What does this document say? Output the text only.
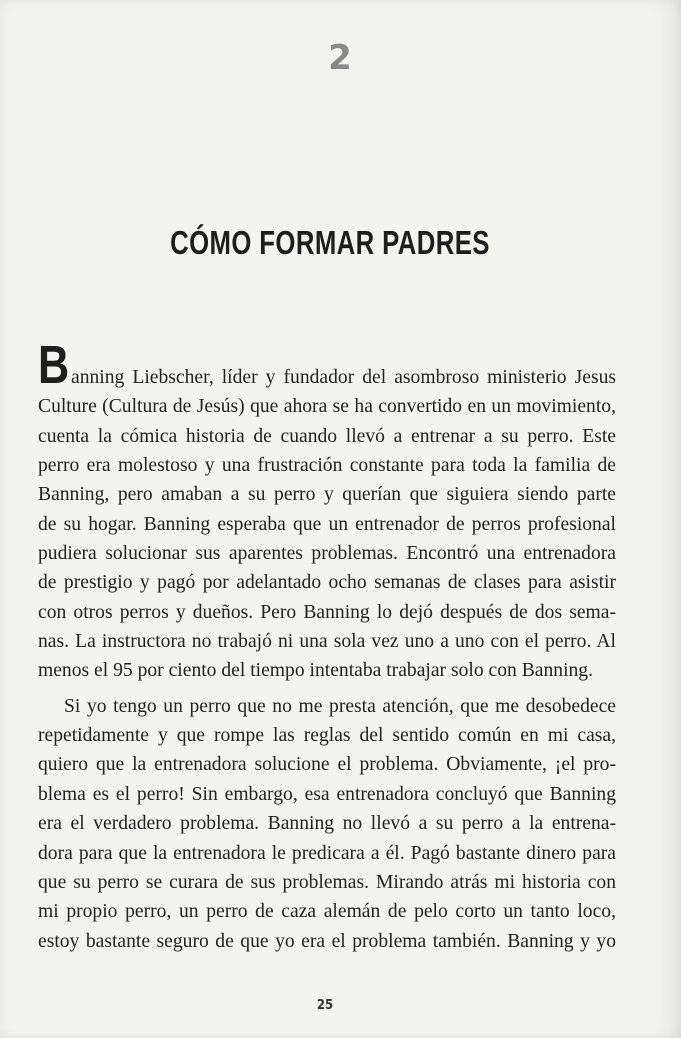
2
CÓMO FORMAR PADRES
Banning Liebscher, líder y fundador del asombroso ministerio Jesus
Culture (Cultura de Jesús) que ahora se ha convertido en un movimiento,
cuenta la cómica historia de cuando llevó a entrenar a su perro. Este
perro era molestoso y una frustración constante para toda la familia de
Banning, pero amaban a su perro y querían que siguiera siendo parte
de su hogar. Banning esperaba que un entrenador de perros profesional
pudiera solucionar sus aparentes problemas. Encontró una entrenadora
de prestigio y pagó por adelantado ocho semanas de clases para asistir
con otros perros y dueños. Pero Banning lo dejó después de dos sema-
nas. La instructora no trabajó ni una sola vez uno a uno con el perro. Al
menos el 95 por ciento del tiempo intentaba trabajar solo con Banning.
Si yo tengo un perro que no me presta atención, que me desobedece
repetidamente y que rompe las reglas del sentido común en mi casa,
quiero que la entrenadora solucione el problema. Obviamente, ¡el pro-
blema es el perro! Sin embargo, esa entrenadora concluyó que Banning
era el verdadero problema. Banning no llevó a su perro a la entrena-
dora para que la entrenadora le predicara a él. Pagó bastante dinero para
que su perro se curara de sus problemas. Mirando atrás mi historia con
mi propio perro, un perro de caza alemán de pelo corto un tanto loco,
estoy bastante seguro de que yo era el problema también. Banning y yo
25
